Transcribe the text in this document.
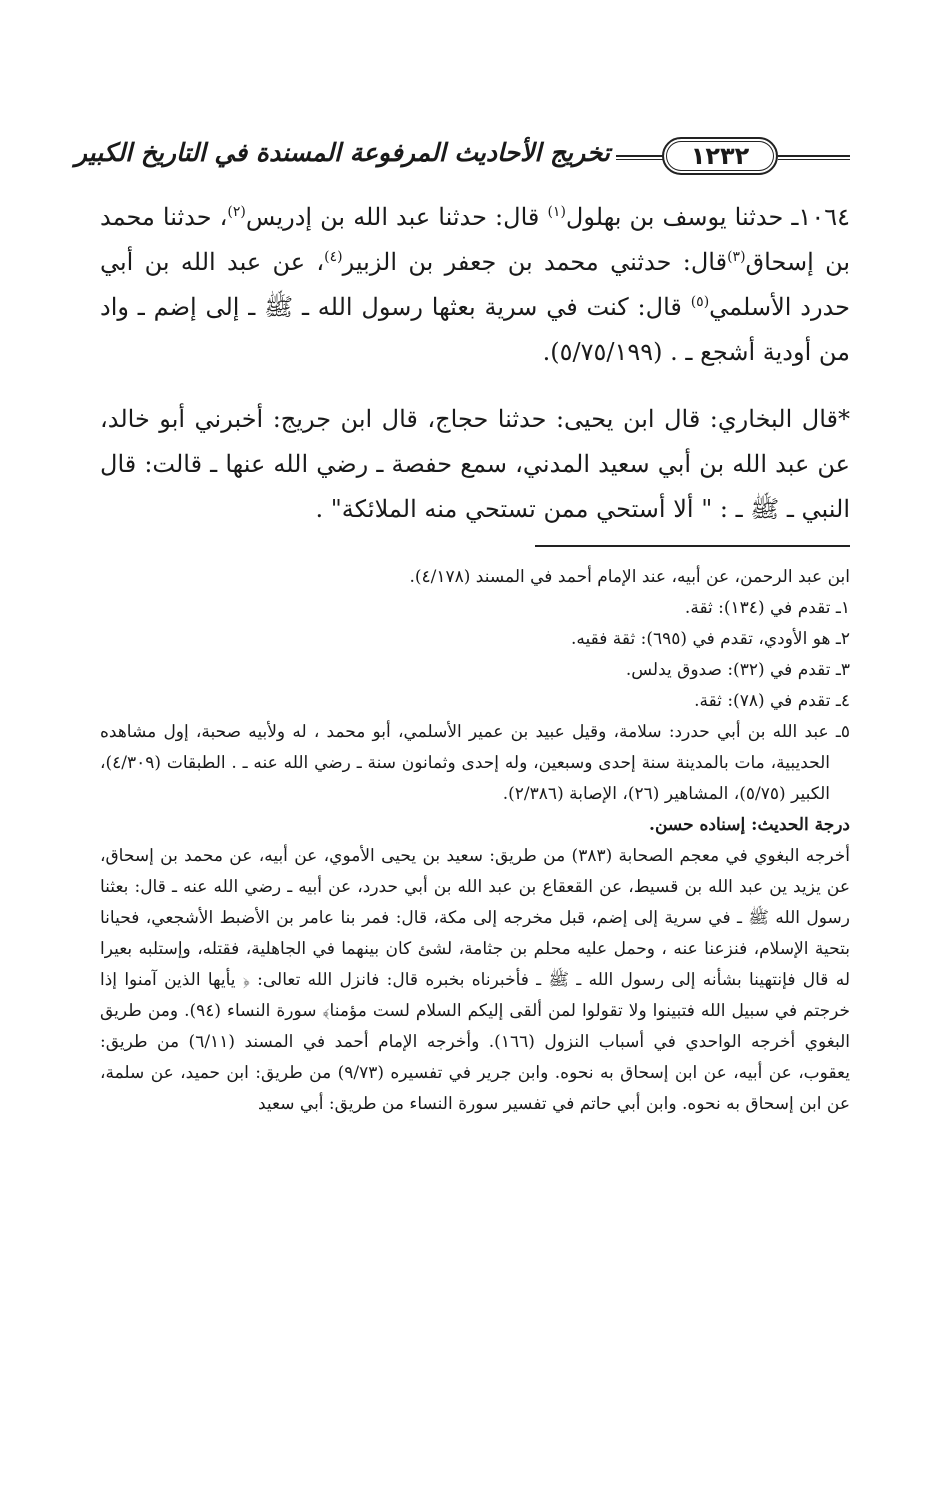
١٢٣٢
تخريج الأحاديث المرفوعة المسندة في التاريخ الكبير

١٠٦٤ـ حدثنا يوسف بن بهلول$^{(١)}$ قال: حدثنا عبد الله بن إدريس$^{(٢)}$، حدثنا محمد بن إسحاق$^{(٣)}$قال: حدثني محمد بن جعفر بن الزبير$^{(٤)}$، عن عبد الله بن أبي حدرد الأسلمي$^{(٥)}$ قال: كنت في سرية بعثها رسول الله ـ ﷺ ـ إلى إضم ـ واد من أودية أشجع ـ . (٥/٧٥/١٩٩).

*قال البخاري: قال ابن يحيى: حدثنا حجاج، قال ابن جريج: أخبرني أبو خالد، عن عبد الله بن أبي سعيد المدني، سمع حفصة ـ رضي الله عنها ـ قالت: قال النبي ـ ﷺ ـ : " ألا أستحي ممن تستحي منه الملائكة" .

ابن عبد الرحمن، عن أبيه، عند الإمام أحمد في المسند (٤/١٧٨).

١ـ تقدم في (١٣٤): ثقة.

٢ـ هو الأودي، تقدم في (٦٩٥): ثقة فقيه.

٣ـ تقدم في (٣٢): صدوق يدلس.

٤ـ تقدم في (٧٨): ثقة.

٥ـ عبد الله بن أبي حدرد: سلامة، وقيل عبيد بن عمير الأسلمي، أبو محمد ، له ولأبيه صحبة، إول مشاهده الحديبية، مات بالمدينة سنة إحدى وسبعين، وله إحدى وثمانون سنة ـ رضي الله عنه ـ . الطبقات (٤/٣٠٩)، الكبير (٥/٧٥)، المشاهير (٢٦)، الإصابة (٢/٣٨٦).

درجة الحديث: إسناده حسن.

أخرجه البغوي في معجم الصحابة (٣٨٣) من طريق: سعيد بن يحيى الأموي، عن أبيه، عن محمد بن إسحاق، عن يزيد ين عبد الله بن قسيط، عن القعقاع بن عبد الله بن أبي حدرد، عن أبيه ـ رضي الله عنه ـ قال: بعثنا رسول الله ﷺ ـ في سرية إلى إضم، قبل مخرجه إلى مكة، قال: فمر بنا عامر بن الأضبط الأشجعي، فحيانا بتحية الإسلام، فنزعنا عنه ، وحمل عليه محلم بن جثامة، لشئ كان بينهما في الجاهلية، فقتله، وإستلبه بعيرا له قال فإنتهينا بشأنه إلى رسول الله ـ ﷺ ـ فأخبرناه بخبره قال: فانزل الله تعالى: ﴿ يأيها الذين آمنوا إذا خرجتم في سبيل الله فتبينوا ولا تقولوا لمن ألقى إليكم السلام لست مؤمنا﴾ سورة النساء (٩٤). ومن طريق البغوي أخرجه الواحدي في أسباب النزول (١٦٦). وأخرجه الإمام أحمد في المسند (٦/١١) من طريق: يعقوب، عن أبيه، عن ابن إسحاق به نحوه. وابن جرير في تفسيره (٩/٧٣) من طريق: ابن حميد، عن سلمة، عن ابن إسحاق به نحوه. وابن أبي حاتم في تفسير سورة النساء من طريق: أبي سعيد
